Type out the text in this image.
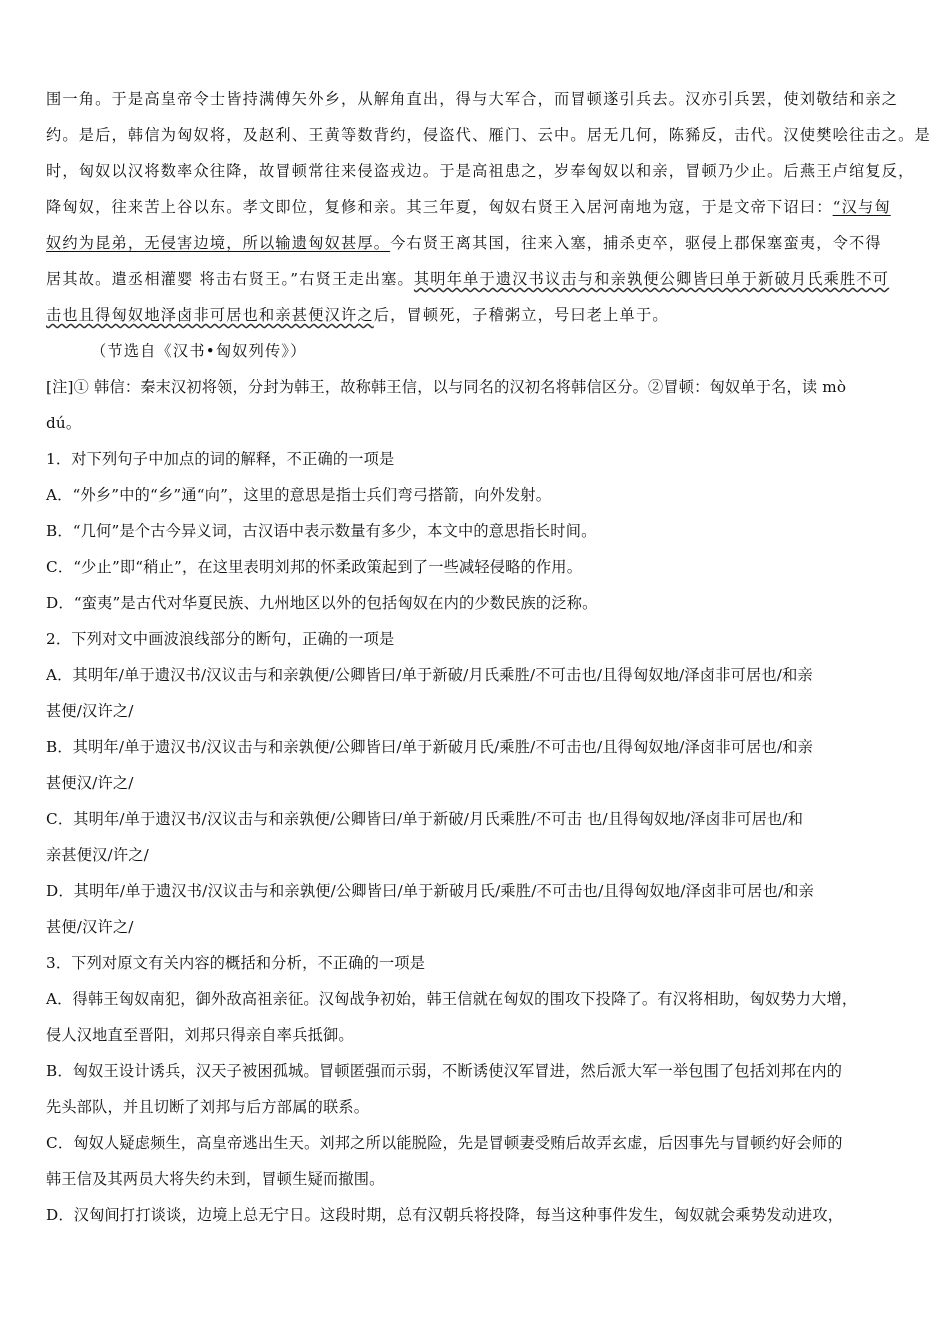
围一角。于是高皇帝令士皆持满傅矢外乡，从解角直出，得与大军合，而冒顿遂引兵去。汉亦引兵罢，使刘敬结和亲之

约。是后，韩信为匈奴将，及赵利、王黄等数背约，侵盗代、雁门、云中。居无几何，陈豨反，击代。汉使樊哙往击之。是

时，匈奴以汉将数率众往降，故冒顿常往来侵盗戎边。于是高祖患之，岁奉匈奴以和亲，冒顿乃少止。后燕王卢绾复反，

降匈奴，往来苦上谷以东。孝文即位，复修和亲。其三年夏，匈奴右贤王入居河南地为寇，于是文帝下诏曰：“汉与匈

奴约为昆弟，无侵害边境，所以输遗匈奴甚厚。今右贤王离其国，往来入塞，捕杀吏卒，驱侵上郡保塞蛮夷，令不得

居其故。遣丞相灌婴 将击右贤王。”右贤王走出塞。其明年单于遗汉书议击与和亲孰便公卿皆曰单于新破月氏乘胜不可

击也且得匈奴地泽卤非可居也和亲甚便汉许之后，冒顿死，子稽粥立，号曰老上单于。

（节选自《汉书•匈奴列传》）

[注]① 韩信：秦末汉初将领，分封为韩王，故称韩王信，以与同名的汉初名将韩信区分。②冒顿：匈奴单于名，读 mò

dú。

1．对下列句子中加点的词的解释，不正确的一项是

A．“外乡”中的“乡”通“向”，这里的意思是指士兵们弯弓搭箭，向外发射。

B．“几何”是个古今异义词，古汉语中表示数量有多少，本文中的意思指长时间。

C．“少止”即“稍止”，在这里表明刘邦的怀柔政策起到了一些减轻侵略的作用。

D．“蛮夷”是古代对华夏民族、九州地区以外的包括匈奴在内的少数民族的泛称。

2．下列对文中画波浪线部分的断句，正确的一项是

A．其明年/单于遗汉书/汉议击与和亲孰便/公卿皆曰/单于新破/月氏乘胜/不可击也/且得匈奴地/泽卤非可居也/和亲

甚便/汉许之/

B．其明年/单于遗汉书/汉议击与和亲孰便/公卿皆曰/单于新破月氏/乘胜/不可击也/且得匈奴地/泽卤非可居也/和亲

甚便汉/许之/

C．其明年/单于遗汉书/汉议击与和亲孰便/公卿皆曰/单于新破/月氏乘胜/不可击 也/且得匈奴地/泽卤非可居也/和

亲甚便汉/许之/

D．其明年/单于遗汉书/汉议击与和亲孰便/公卿皆曰/单于新破月氏/乘胜/不可击也/且得匈奴地/泽卤非可居也/和亲

甚便/汉许之/

3．下列对原文有关内容的概括和分析，不正确的一项是

A．得韩王匈奴南犯，御外敌高祖亲征。汉匈战争初始，韩王信就在匈奴的围攻下投降了。有汉将相助，匈奴势力大增，

侵人汉地直至晋阳，刘邦只得亲自率兵抵御。

B．匈奴王设计诱兵，汉天子被困孤城。冒顿匿强而示弱，不断诱使汉军冒进，然后派大军一举包围了包括刘邦在内的

先头部队，并且切断了刘邦与后方部属的联系。

C．匈奴人疑虑频生，高皇帝逃出生天。刘邦之所以能脱险，先是冒顿妻受贿后故弄玄虚，后因事先与冒顿约好会师的

韩王信及其两员大将失约未到，冒顿生疑而撤围。

D．汉匈间打打谈谈，边境上总无宁日。这段时期，总有汉朝兵将投降，每当这种事件发生，匈奴就会乘势发动进攻，
